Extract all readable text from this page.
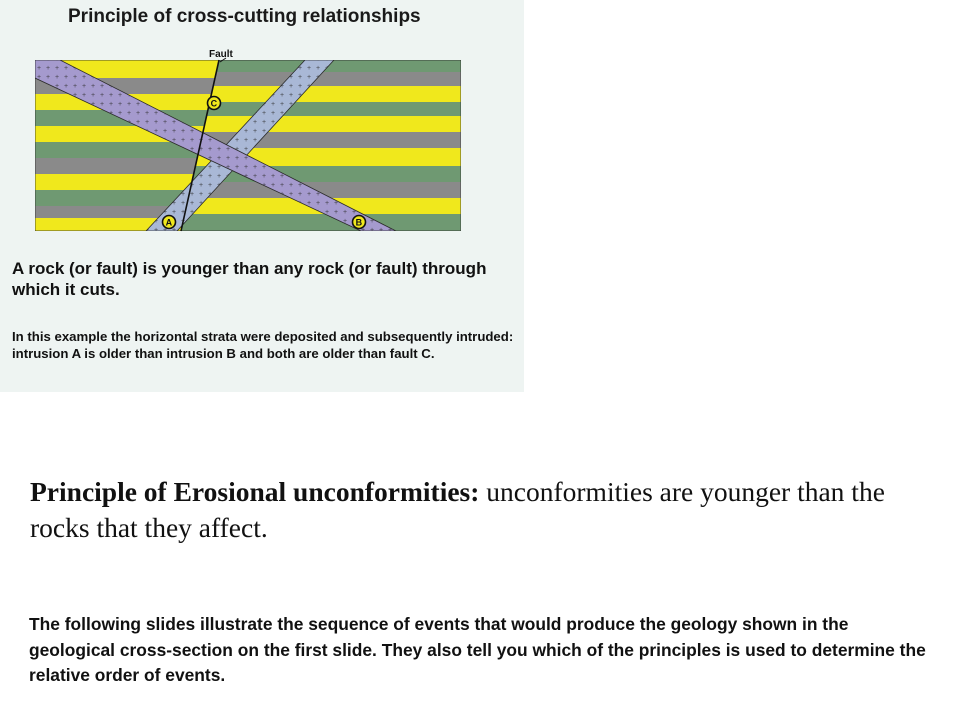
Principle of cross-cutting relationships
Fault
C
A	B
A rock (or fault) is younger than any rock (or fault) through which it cuts.
In this example the horizontal strata were deposited and subsequently intruded: intrusion A is older than intrusion B and both are older than fault C.
Principle of Erosional unconformities: unconformities are younger than the rocks that they affect.
The following slides illustrate the sequence of events that would produce the geology shown in the geological cross-section on the first slide. They also tell you which of the principles is used to determine the relative order of events.
